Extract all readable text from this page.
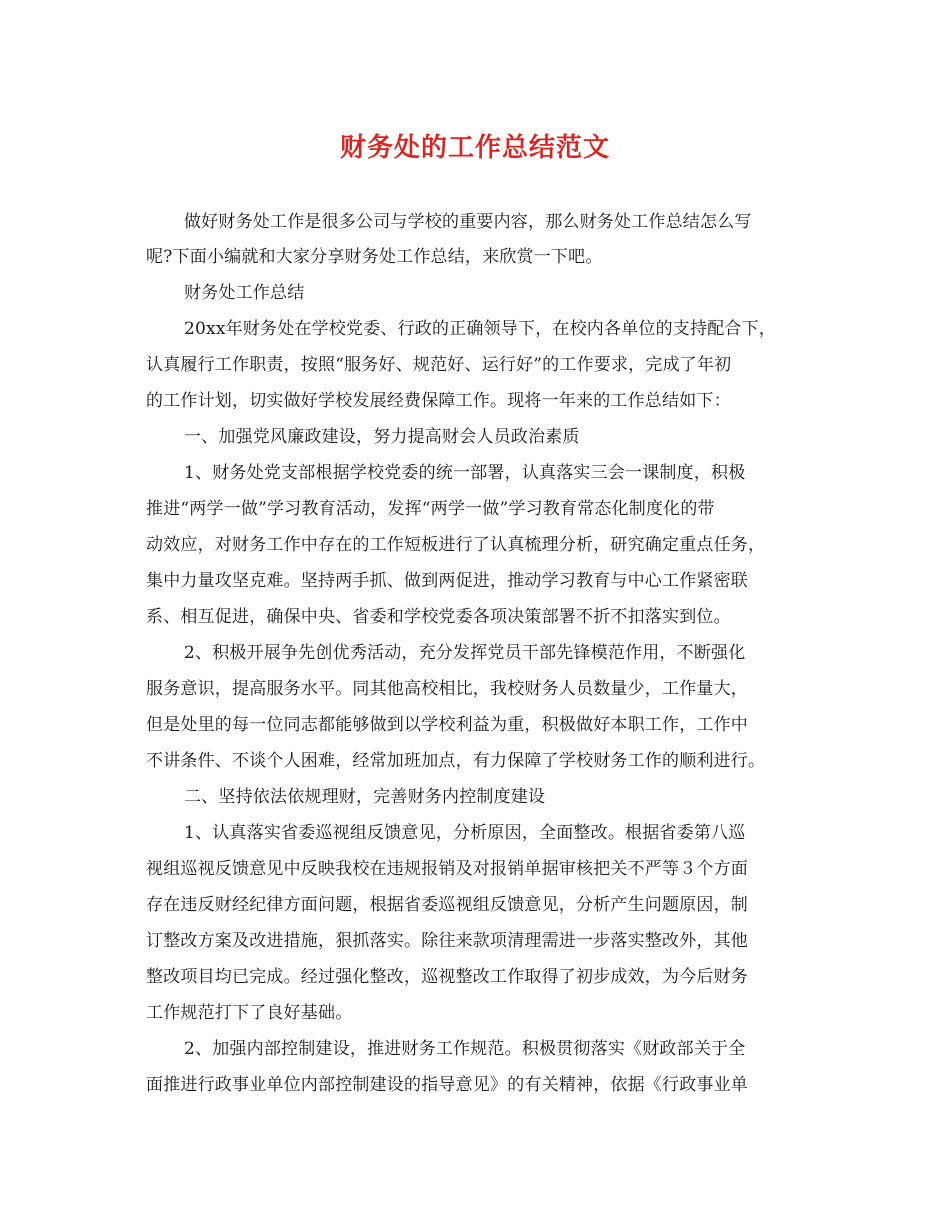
财务处的工作总结范文
做好财务处工作是很多公司与学校的重要内容，那么财务处工作总结怎么写
呢?下面小编就和大家分享财务处工作总结，来欣赏一下吧。
财务处工作总结
20xx年财务处在学校党委、行政的正确领导下，在校内各单位的支持配合下，
认真履行工作职责，按照“服务好、规范好、运行好”的工作要求，完成了年初
的工作计划，切实做好学校发展经费保障工作。现将一年来的工作总结如下：
一、加强党风廉政建设，努力提高财会人员政治素质
1、财务处党支部根据学校党委的统一部署，认真落实三会一课制度，积极
推进“两学一做”学习教育活动，发挥“两学一做”学习教育常态化制度化的带
动效应，对财务工作中存在的工作短板进行了认真梳理分析，研究确定重点任务，
集中力量攻坚克难。坚持两手抓、做到两促进，推动学习教育与中心工作紧密联
系、相互促进，确保中央、省委和学校党委各项决策部署不折不扣落实到位。
2、积极开展争先创优秀活动，充分发挥党员干部先锋模范作用，不断强化
服务意识，提高服务水平。同其他高校相比，我校财务人员数量少，工作量大，
但是处里的每一位同志都能够做到以学校利益为重，积极做好本职工作，工作中
不讲条件、不谈个人困难，经常加班加点，有力保障了学校财务工作的顺利进行。
二、坚持依法依规理财，完善财务内控制度建设
1、认真落实省委巡视组反馈意见，分析原因，全面整改。根据省委第八巡
视组巡视反馈意见中反映我校在违规报销及对报销单据审核把关不严等３个方面
存在违反财经纪律方面问题，根据省委巡视组反馈意见，分析产生问题原因，制
订整改方案及改进措施，狠抓落实。除往来款项清理需进一步落实整改外，其他
整改项目均已完成。经过强化整改，巡视整改工作取得了初步成效，为今后财务
工作规范打下了良好基础。
2、加强内部控制建设，推进财务工作规范。积极贯彻落实《财政部关于全
面推进行政事业单位内部控制建设的指导意见》的有关精神，依据《行政事业单
